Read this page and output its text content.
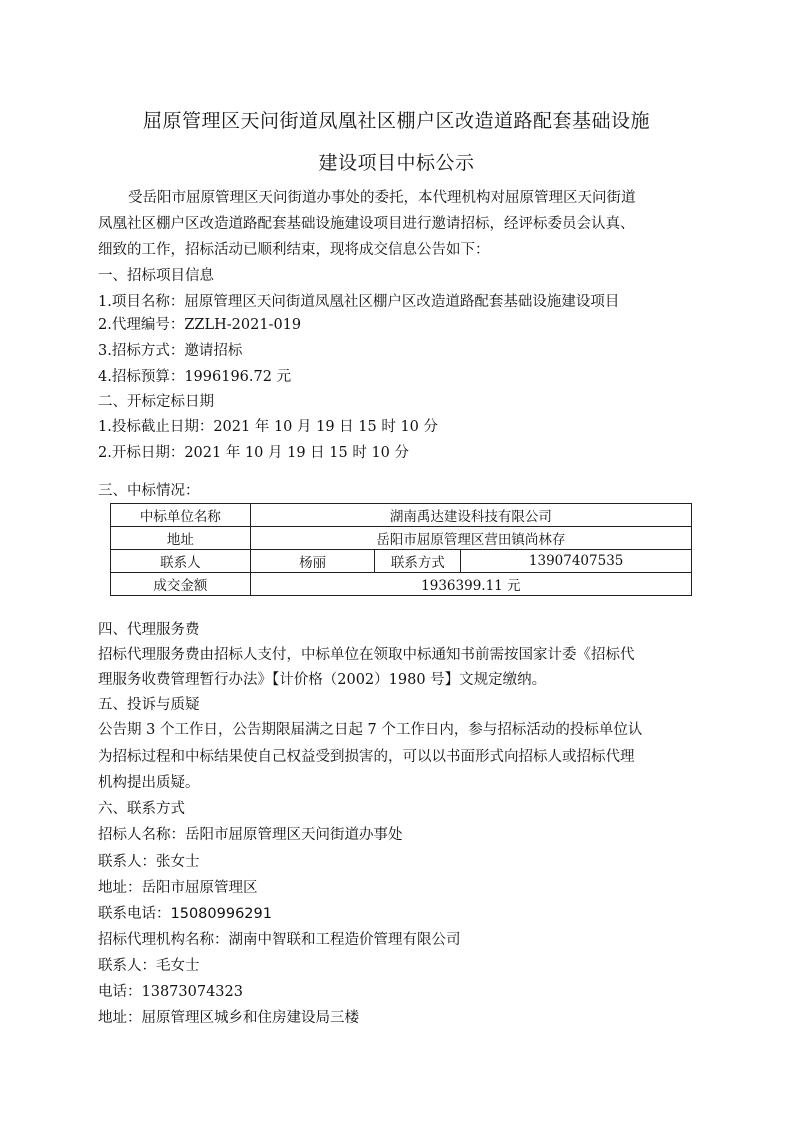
屈原管理区天问街道凤凰社区棚户区改造道路配套基础设施
建设项目中标公示
受岳阳市屈原管理区天问街道办事处的委托，本代理机构对屈原管理区天问街道
凤凰社区棚户区改造道路配套基础设施建设项目进行邀请招标，经评标委员会认真、
细致的工作，招标活动已顺利结束，现将成交信息公告如下：
一、招标项目信息
1.项目名称：屈原管理区天问街道凤凰社区棚户区改造道路配套基础设施建设项目
2.代理编号：ZZLH-2021-019
3.招标方式：邀请招标
4.招标预算：1996196.72 元
二、开标定标日期
1.投标截止日期：2021 年 10 月 19 日 15 时 10 分
2.开标日期：2021 年 10 月 19 日 15 时 10 分
三、中标情况：
中标单位名称	湖南禹达建设科技有限公司		
地址	岳阳市屈原管理区营田镇尚林存		
联系人	杨丽	联系方式	13907407535
成交金额	1936399.11 元		
四、代理服务费
招标代理服务费由招标人支付，中标单位在领取中标通知书前需按国家计委《招标代
理服务收费管理暂行办法》【计价格（2002）1980 号】文规定缴纳。
五、投诉与质疑
公告期 3 个工作日，公告期限届满之日起 7 个工作日内，参与招标活动的投标单位认
为招标过程和中标结果使自己权益受到损害的，可以以书面形式向招标人或招标代理
机构提出质疑。
六、联系方式
招标人名称：岳阳市屈原管理区天问街道办事处
联系人：张女士
地址：岳阳市屈原管理区
联系电话：15080996291
招标代理机构名称：湖南中智联和工程造价管理有限公司
联系人：毛女士
电话：13873074323
地址：屈原管理区城乡和住房建设局三楼
